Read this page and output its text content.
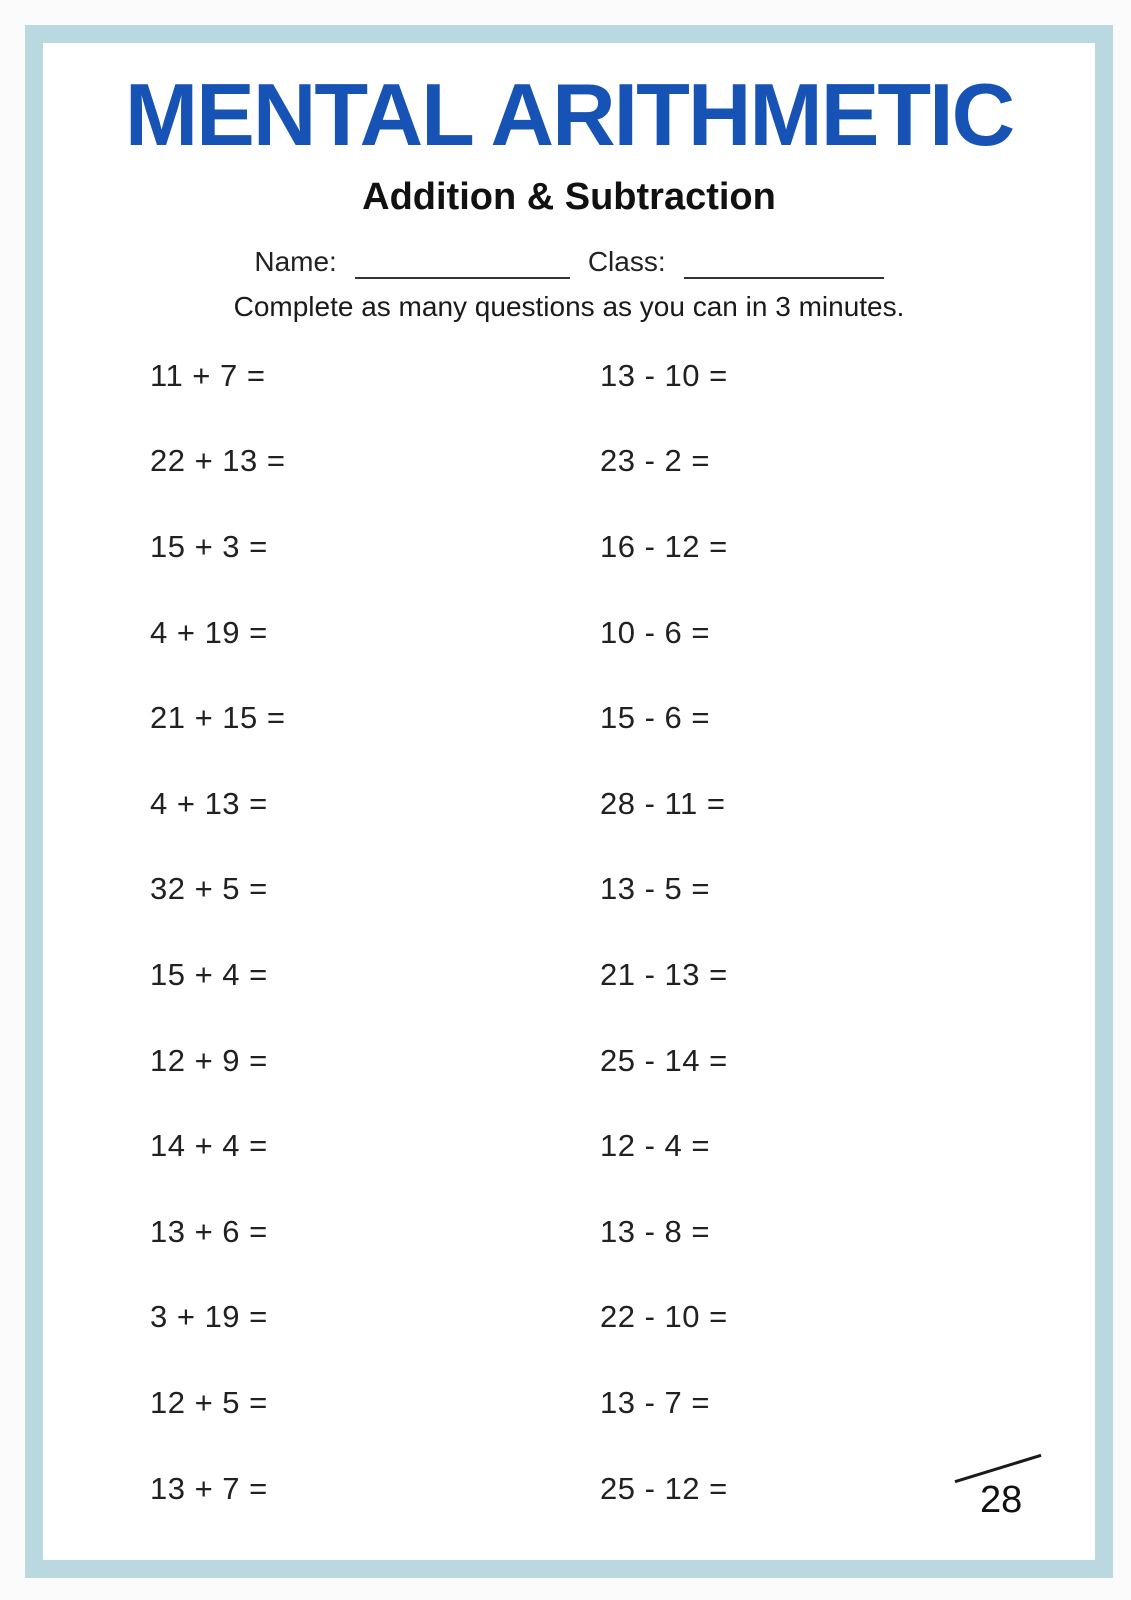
MENTAL ARITHMETIC
Addition & Subtraction
Name:	Class:
Complete as many questions as you can in 3 minutes.
11 + 7 =	13 - 10 =
22 + 13 =	23 - 2 =
15 + 3 =	16 - 12 =
4 + 19 =	10 - 6 =
21 + 15 =	15 - 6 =
4 + 13 =	28 - 11 =
32 + 5 =	13 - 5 =
15 + 4 =	21 - 13 =
12 + 9 =	25 - 14 =
14 + 4 =	12 - 4 =
13 + 6 =	13 - 8 =
3 + 19 =	22 - 10 =
12 + 5 =	13 - 7 =
13 + 7 =	25 - 12 =	28
